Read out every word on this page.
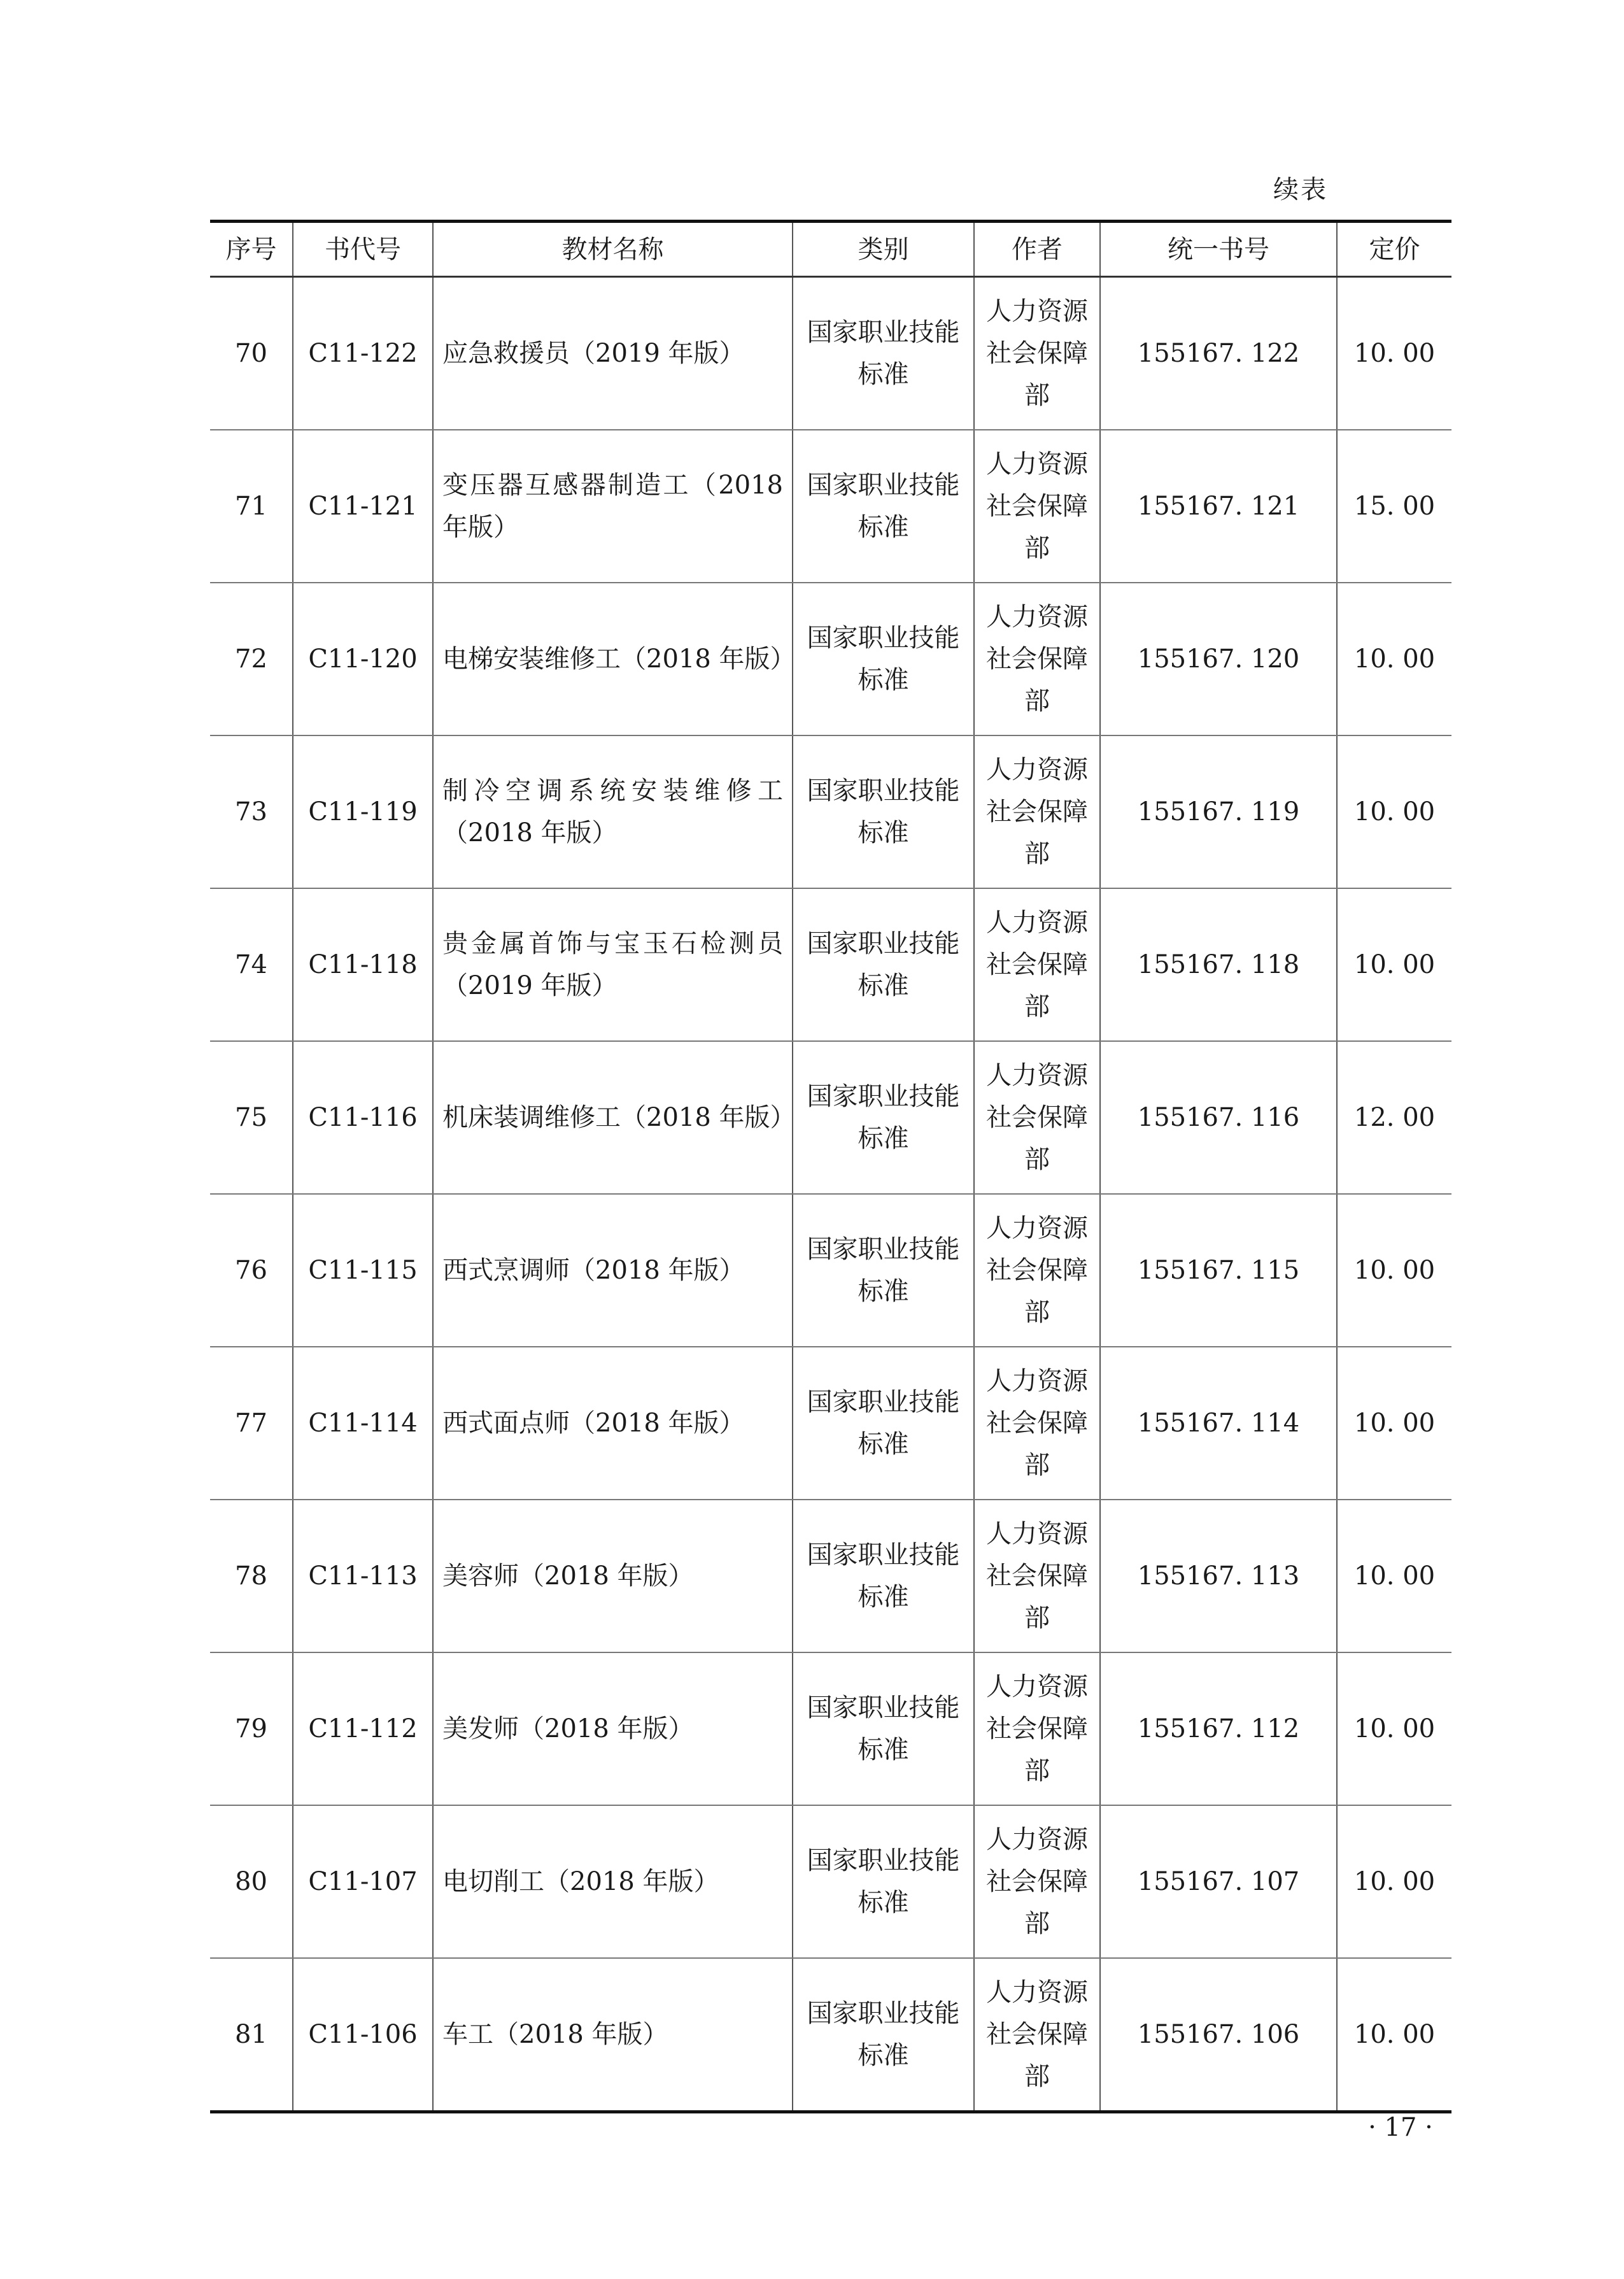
续表
序号	书代号	教材名称	类别	作者	统一书号	定价
70	C11-122	应急救援员（2019 年版）	国家职业技能标准	人力资源社会保障部	155167. 122	10. 00
71	C11-121	变压器互感器制造工（2018 年版）	国家职业技能标准	人力资源社会保障部	155167. 121	15. 00
72	C11-120	电梯安装维修工（2018 年版）	国家职业技能标准	人力资源社会保障部	155167. 120	10. 00
73	C11-119	制冷空调系统安装维修工（2018 年版）	国家职业技能标准	人力资源社会保障部	155167. 119	10. 00
74	C11-118	贵金属首饰与宝玉石检测员（2019 年版）	国家职业技能标准	人力资源社会保障部	155167. 118	10. 00
75	C11-116	机床装调维修工（2018 年版）	国家职业技能标准	人力资源社会保障部	155167. 116	12. 00
76	C11-115	西式烹调师（2018 年版）	国家职业技能标准	人力资源社会保障部	155167. 115	10. 00
77	C11-114	西式面点师（2018 年版）	国家职业技能标准	人力资源社会保障部	155167. 114	10. 00
78	C11-113	美容师（2018 年版）	国家职业技能标准	人力资源社会保障部	155167. 113	10. 00
79	C11-112	美发师（2018 年版）	国家职业技能标准	人力资源社会保障部	155167. 112	10. 00
80	C11-107	电切削工（2018 年版）	国家职业技能标准	人力资源社会保障部	155167. 107	10. 00
81	C11-106	车工（2018 年版）	国家职业技能标准	人力资源社会保障部	155167. 106	10. 00
· 17 ·
